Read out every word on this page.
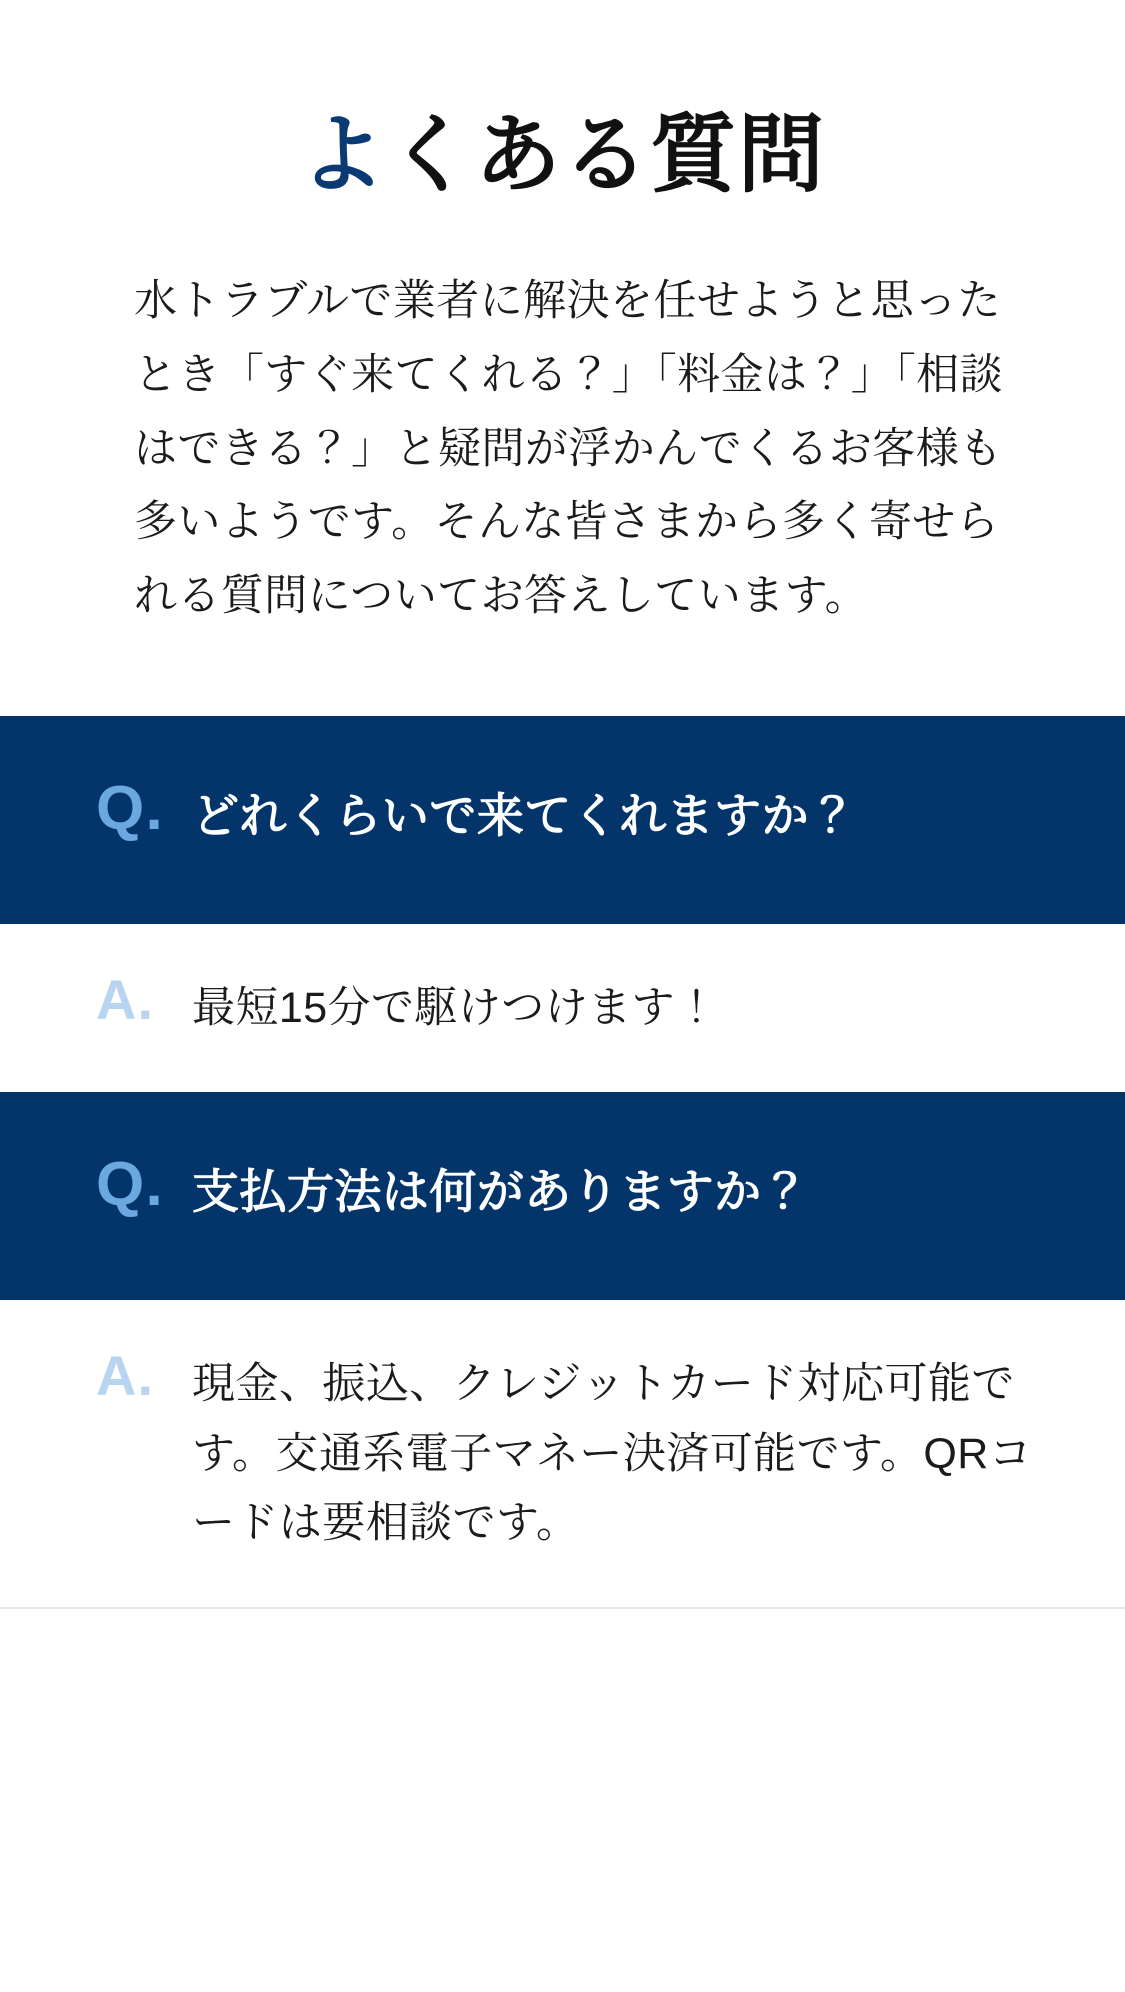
よくある質問

水トラブルで業者に解決を任せようと思ったとき「すぐ来てくれる？」「料金は？」「相談はできる？」と疑問が浮かんでくるお客様も多いようです。そんな皆さまから多く寄せられる質問についてお答えしています。

Q. どれくらいで来てくれますか？
A. 最短15分で駆けつけます！
Q. 支払方法は何がありますか？
A. 現金、振込、クレジットカード対応可能です。交通系電子マネー決済可能です。QRコードは要相談です。
